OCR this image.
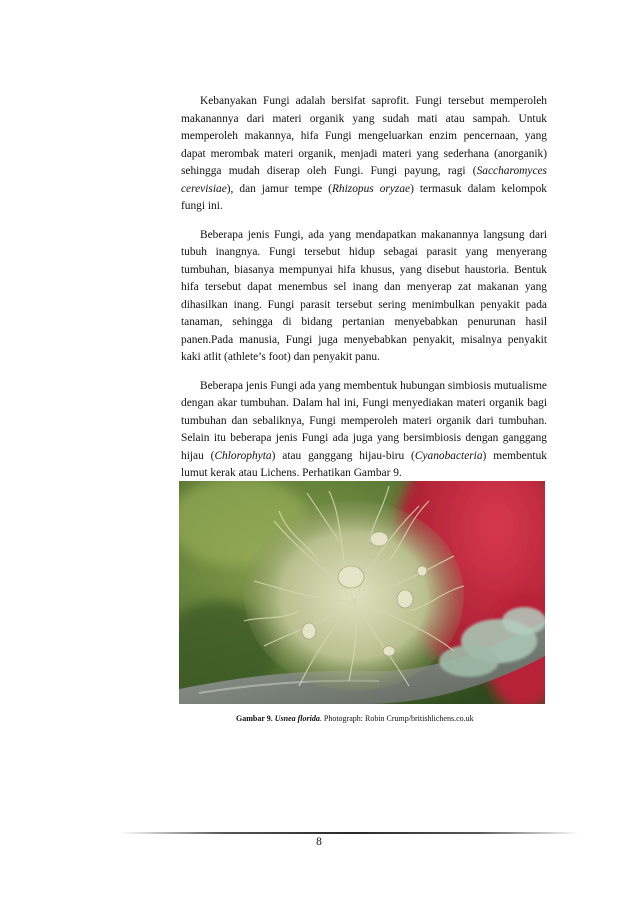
Kebanyakan Fungi adalah bersifat saprofit. Fungi tersebut memperoleh makanannya dari materi organik yang sudah mati atau sampah. Untuk memperoleh makannya, hifa Fungi mengeluarkan enzim pencernaan, yang dapat merombak materi organik, menjadi materi yang sederhana (anorganik) sehingga mudah diserap oleh Fungi. Fungi payung, ragi (Saccharomyces cerevisiae), dan jamur tempe (Rhizopus oryzae) termasuk dalam kelompok fungi ini.

Beberapa jenis Fungi, ada yang mendapatkan makanannya langsung dari tubuh inangnya. Fungi tersebut hidup sebagai parasit yang menyerang tumbuhan, biasanya mempunyai hifa khusus, yang disebut haustoria. Bentuk hifa tersebut dapat menembus sel inang dan menyerap zat makanan yang dihasilkan inang. Fungi parasit tersebut sering menimbulkan penyakit pada tanaman, sehingga di bidang pertanian menyebabkan penurunan hasil panen.Pada manusia, Fungi juga menyebabkan penyakit, misalnya penyakit kaki atlit (athlete’s foot) dan penyakit panu.

Beberapa jenis Fungi ada yang membentuk hubungan simbiosis mutualisme dengan akar tumbuhan. Dalam hal ini, Fungi menyediakan materi organik bagi tumbuhan dan sebaliknya, Fungi memperoleh materi organik dari tumbuhan. Selain itu beberapa jenis Fungi ada juga yang bersimbiosis dengan ganggang hijau (Chlorophyta) atau ganggang hijau-biru (Cyanobacteria) membentuk lumut kerak atau Lichens. Perhatikan Gambar 9.

Gambar 9. Usnea florida. Photograph: Robin Crump/britishlichens.co.uk
8
